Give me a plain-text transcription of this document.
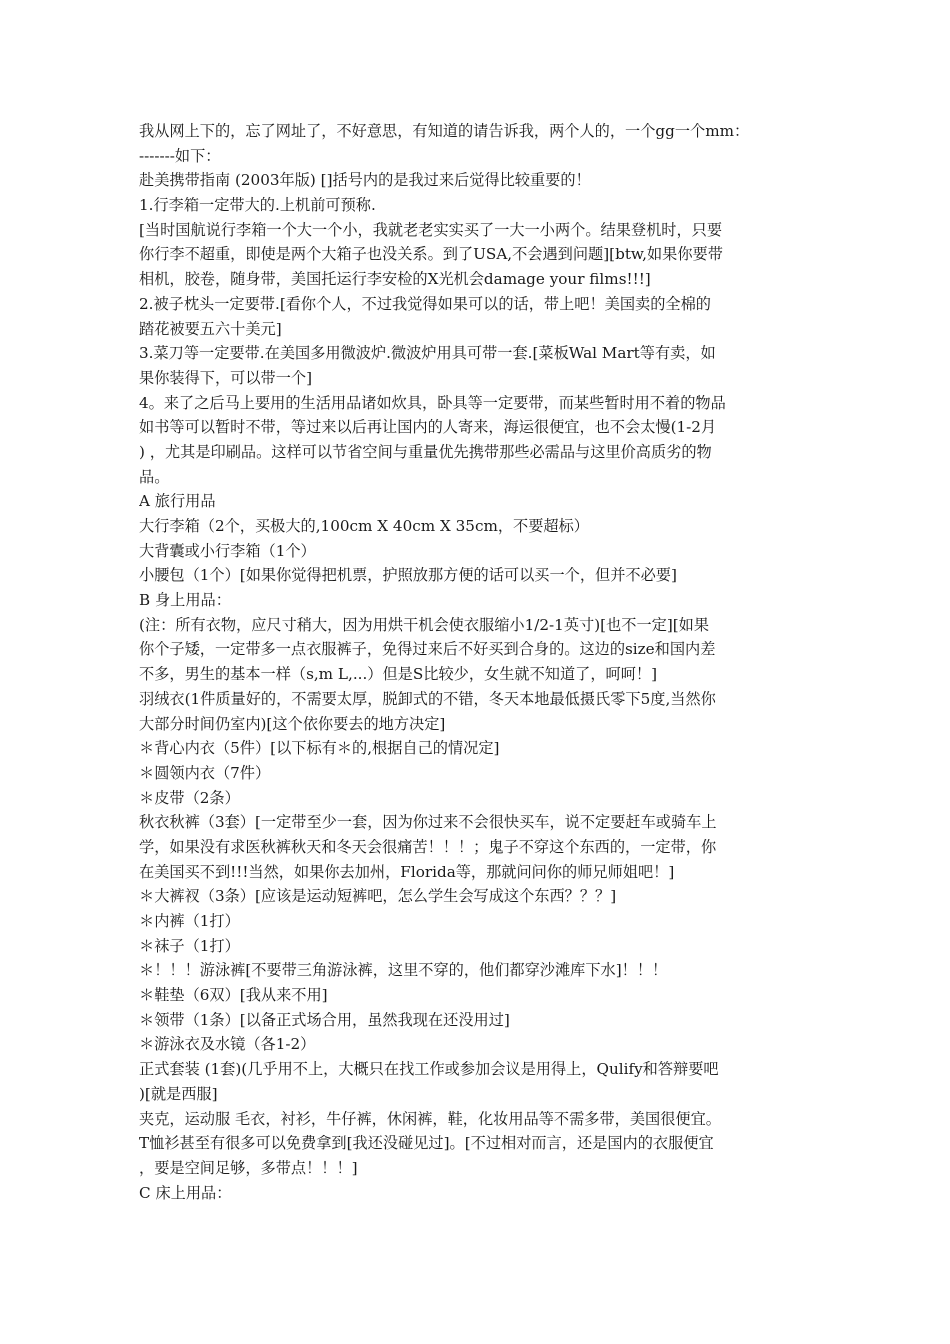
我从网上下的，忘了网址了，不好意思，有知道的请告诉我，两个人的，一个gg一个mm：
-------如下：
赴美携带指南 (2003年版) []括号内的是我过来后觉得比较重要的！
1.行李箱一定带大的.上机前可预称.
[当时国航说行李箱一个大一个小，我就老老实实买了一大一小两个。结果登机时，只要
你行李不超重，即使是两个大箱子也没关系。到了USA,不会遇到问题][btw,如果你要带
相机，胶卷，随身带，美国托运行李安检的X光机会damage your films!!!]
2.被子枕头一定要带.[看你个人，不过我觉得如果可以的话，带上吧！美国卖的全棉的
踏花被要五六十美元]
3.菜刀等一定要带.在美国多用微波炉.微波炉用具可带一套.[菜板Wal Mart等有卖，如
果你装得下，可以带一个]
4。来了之后马上要用的生活用品诸如炊具，卧具等一定要带，而某些暂时用不着的物品
如书等可以暂时不带，等过来以后再让国内的人寄来，海运很便宜，也不会太慢(1-2月
) ，尤其是印刷品。这样可以节省空间与重量优先携带那些必需品与这里价高质劣的物
品。
A 旅行用品
大行李箱（2个，买极大的,100cm X 40cm X 35cm，不要超标）
大背囊或小行李箱（1个）
小腰包（1个）[如果你觉得把机票，护照放那方便的话可以买一个，但并不必要]
B 身上用品：
(注：所有衣物，应尺寸稍大，因为用烘干机会使衣服缩小1/2-1英寸)[也不一定][如果
你个子矮，一定带多一点衣服裤子，免得过来后不好买到合身的。这边的size和国内差
不多，男生的基本一样（s,m L,...）但是S比较少，女生就不知道了，呵呵！]
羽绒衣(1件质量好的，不需要太厚，脱卸式的不错，冬天本地最低摄氏零下5度,当然你
大部分时间仍室内)[这个依你要去的地方决定]
＊背心内衣（5件）[以下标有＊的,根据自己的情况定]
＊圆领内衣（7件）
＊皮带（2条）
秋衣秋裤（3套）[一定带至少一套，因为你过来不会很快买车，说不定要赶车或骑车上
学，如果没有求医秋裤秋天和冬天会很痛苦！！！；鬼子不穿这个东西的，一定带，你
在美国买不到!!!当然，如果你去加州，Florida等，那就问问你的师兄师姐吧！]
＊大裤衩（3条）[应该是运动短裤吧，怎么学生会写成这个东西？？？]
＊内裤（1打）
＊袜子（1打）
＊！！！游泳裤[不要带三角游泳裤，这里不穿的，他们都穿沙滩库下水]！！！
＊鞋垫（6双）[我从来不用]
＊领带（1条）[以备正式场合用，虽然我现在还没用过]
＊游泳衣及水镜（各1-2）
正式套装 (1套)(几乎用不上，大概只在找工作或参加会议是用得上，Qulify和答辩要吧
)[就是西服]
夹克，运动服 毛衣，衬衫，牛仔裤，休闲裤，鞋，化妆用品等不需多带，美国很便宜。
T恤衫甚至有很多可以免费拿到[我还没碰见过]。[不过相对而言，还是国内的衣服便宜
，要是空间足够，多带点！！！]
C 床上用品：
